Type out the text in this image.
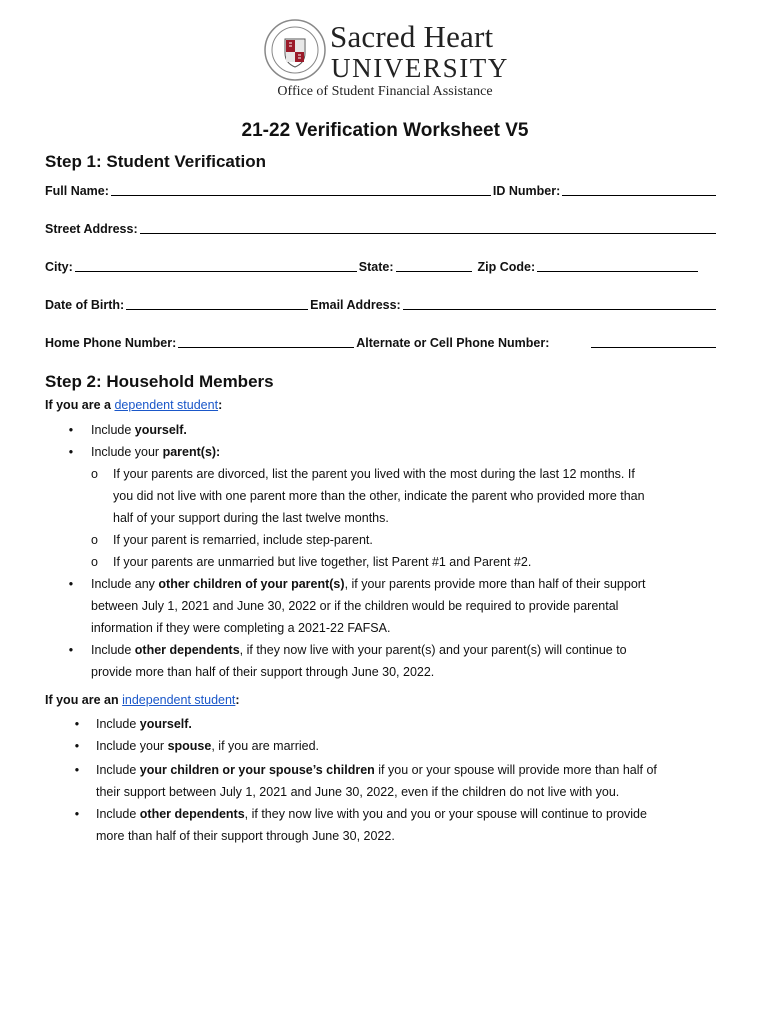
Sacred Heart
UNIVERSITY
Office of Student Financial Assistance
21-22 Verification Worksheet V5
Step 1: Student Verification
Full Name:	ID Number:
Street Address:
City:	State:	Zip Code:
Date of Birth:	Email Address:
Home Phone Number:	Alternate or Cell Phone Number:
Step 2: Household Members
If you are a dependent student:
• Include yourself.
• Include your parent(s):
o If your parents are divorced, list the parent you lived with the most during the last 12 months. If
you did not live with one parent more than the other, indicate the parent who provided more than
half of your support during the last twelve months.
o If your parent is remarried, include step-parent.
o If your parents are unmarried but live together, list Parent #1 and Parent #2.
• Include any other children of your parent(s), if your parents provide more than half of their support
between July 1, 2021 and June 30, 2022 or if the children would be required to provide parental
information if they were completing a 2021-22 FAFSA.
• Include other dependents, if they now live with your parent(s) and your parent(s) will continue to
provide more than half of their support through June 30, 2022.
If you are an independent student:
• Include yourself.
• Include your spouse, if you are married.
• Include your children or your spouse’s children if you or your spouse will provide more than half of
their support between July 1, 2021 and June 30, 2022, even if the children do not live with you.
• Include other dependents, if they now live with you and you or your spouse will continue to provide
more than half of their support through June 30, 2022.
